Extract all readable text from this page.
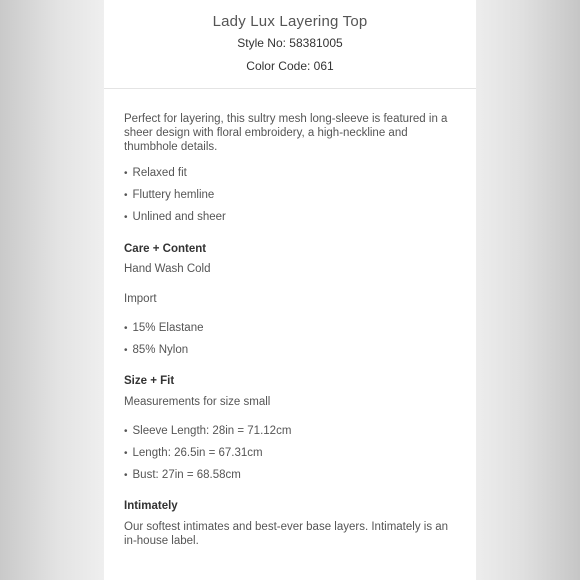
Lady Lux Layering Top
Style No: 58381005
Color Code: 061

Perfect for layering, this sultry mesh long-sleeve is featured in a sheer design with floral embroidery, a high-neckline and thumbhole details.

• Relaxed fit
• Fluttery hemline
• Unlined and sheer
Care + Content

Hand Wash Cold

Import

• 15% Elastane
• 85% Nylon
Size + Fit

Measurements for size small

• Sleeve Length: 28in = 71.12cm
• Length: 26.5in = 67.31cm
• Bust: 27in = 68.58cm
Intimately

Our softest intimates and best-ever base layers. Intimately is an in-house label.
